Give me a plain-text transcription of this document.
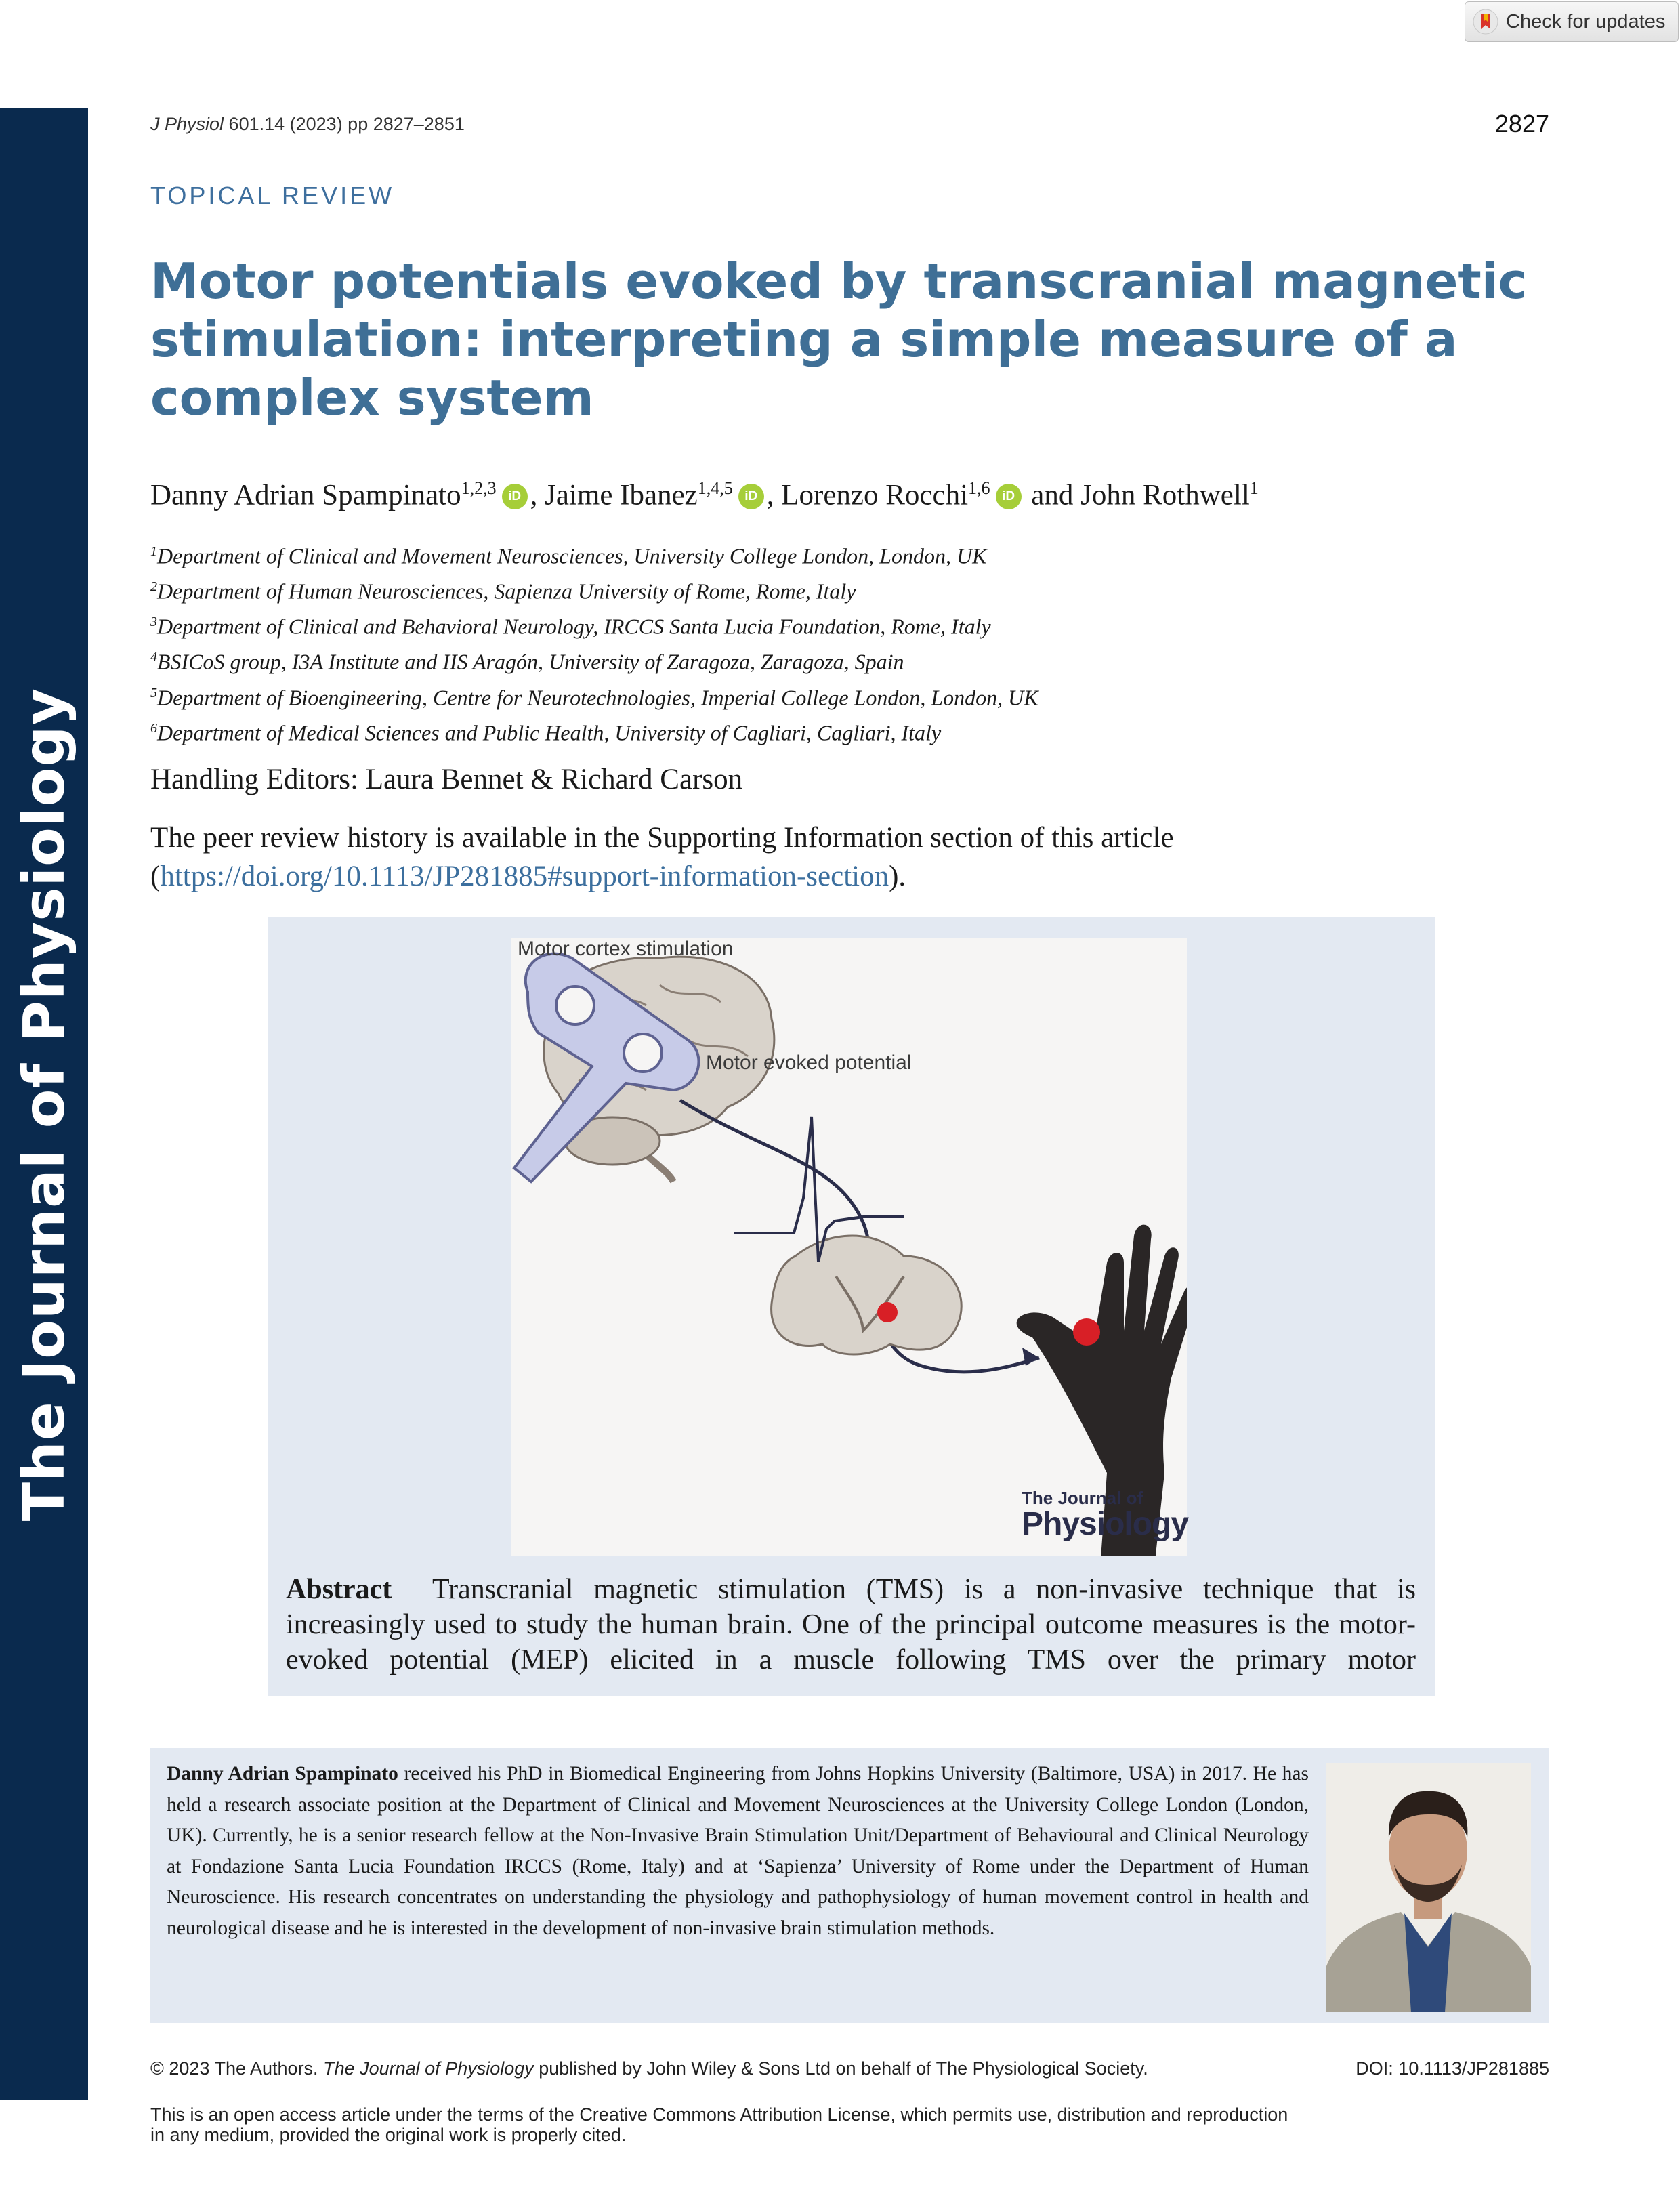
Check for updates
The Journal of Physiology
J Physiol 601.14 (2023) pp 2827–2851	2827
TOPICAL REVIEW
Motor potentials evoked by transcranial magnetic stimulation: interpreting a simple measure of a complex system
Danny Adrian Spampinato$^{1,2,3}$ iD , Jaime Ibanez$^{1,4,5}$ iD , Lorenzo Rocchi$^{1,6}$ iD and John Rothwell$^1$
$^1$Department of Clinical and Movement Neurosciences, University College London, London, UK
$^2$Department of Human Neurosciences, Sapienza University of Rome, Rome, Italy
$^3$Department of Clinical and Behavioral Neurology, IRCCS Santa Lucia Foundation, Rome, Italy
$^4$BSICoS group, I3A Institute and IIS Aragón, University of Zaragoza, Zaragoza, Spain
$^5$Department of Bioengineering, Centre for Neurotechnologies, Imperial College London, London, UK
$^6$Department of Medical Sciences and Public Health, University of Cagliari, Cagliari, Italy
Handling Editors: Laura Bennet & Richard Carson
The peer review history is available in the Supporting Information section of this article
(https://doi.org/10.1113/JP281885#support-information-section).
Motor cortex stimulation
Motor evoked potential
The Journal of
Physiology
Abstract Transcranial magnetic stimulation (TMS) is a non-invasive technique that is increasingly used to study the human brain. One of the principal outcome measures is the motor-evoked potential (MEP) elicited in a muscle following TMS over the primary motor
Danny Adrian Spampinato received his PhD in Biomedical Engineering from Johns Hopkins University (Baltimore, USA) in 2017. He has held a research associate position at the Department of Clinical and Movement Neurosciences at the University College London (London, UK). Currently, he is a senior research fellow at the Non-Invasive Brain Stimulation Unit/Department of Behavioural and Clinical Neurology at Fondazione Santa Lucia Foundation IRCCS (Rome, Italy) and at ‘Sapienza’ University of Rome under the Department of Human Neuroscience. His research concentrates on understanding the physiology and pathophysiology of human movement control in health and neurological disease and he is interested in the development of non-invasive brain stimulation methods.
© 2023 The Authors. The Journal of Physiology published by John Wiley & Sons Ltd on behalf of The Physiological Society.	DOI: 10.1113/JP281885
This is an open access article under the terms of the Creative Commons Attribution License, which permits use, distribution and reproduction in any medium, provided the original work is properly cited.
